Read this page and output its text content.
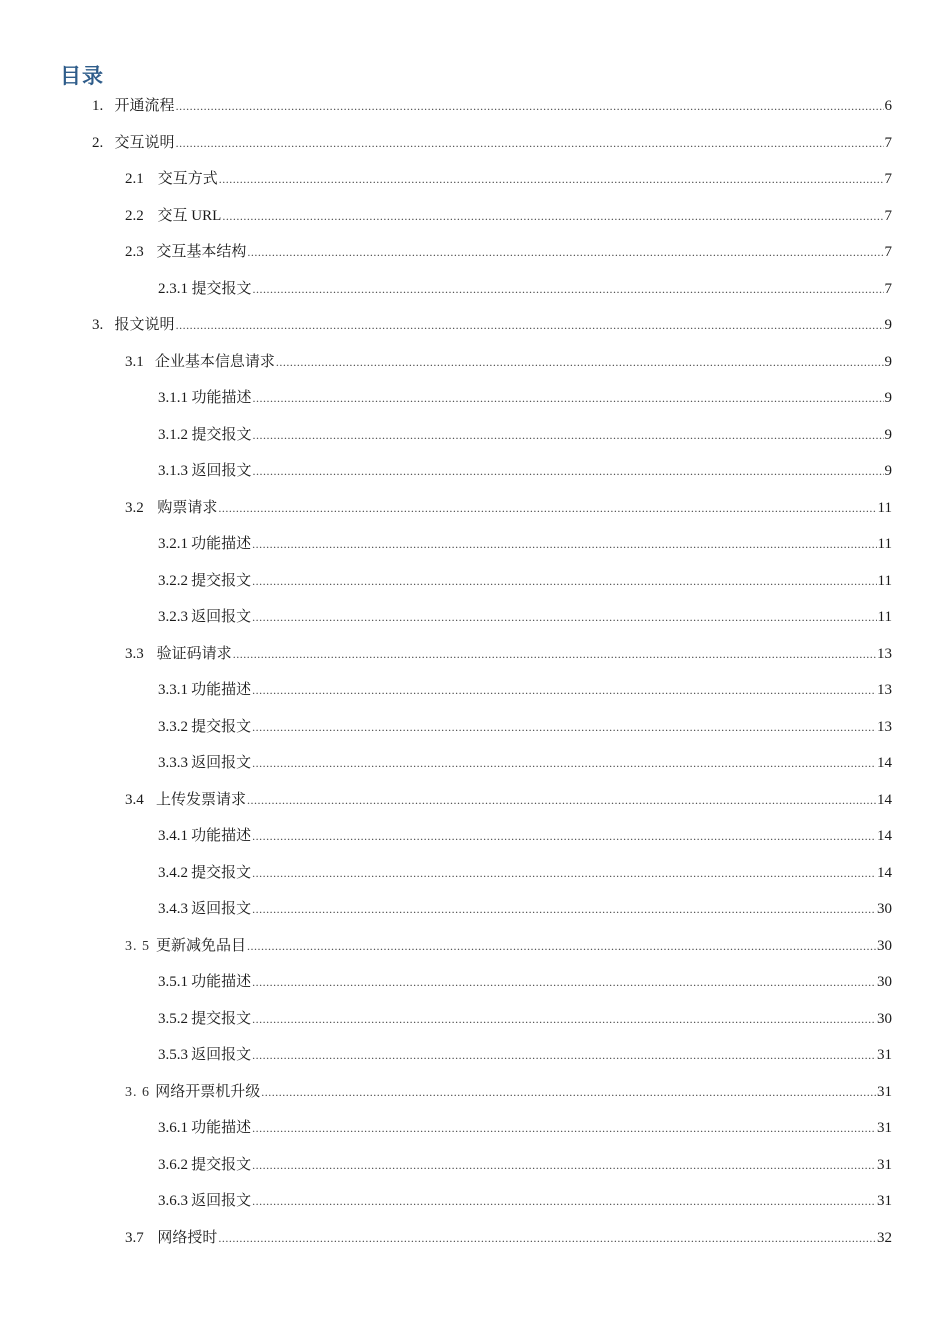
目录
1. 开通流程 .....	6
2. 交互说明 .....	7
2.1 交互方式 .....	7
2.2 交互 URL .....	7
2.3 交互基本结构 .....	7
2.3.1 提交报文 .....	7
3. 报文说明 .....	9
3.1 企业基本信息请求 .....	9
3.1.1 功能描述 .....	9
3.1.2 提交报文 .....	9
3.1.3 返回报文 .....	9
3.2 购票请求 .....	11
3.2.1 功能描述 .....	11
3.2.2 提交报文 .....	11
3.2.3 返回报文 .....	11
3.3 验证码请求 .....	13
3.3.1 功能描述 .....	13
3.3.2 提交报文 .....	13
3.3.3 返回报文 .....	14
3.4 上传发票请求 .....	14
3.4.1 功能描述 .....	14
3.4.2 提交报文 .....	14
3.4.3 返回报文 .....	30
3. 5 更新减免品目 .....	30
3.5.1 功能描述 .....	30
3.5.2 提交报文 .....	30
3.5.3 返回报文 .....	31
3. 6 网络开票机升级 .....	31
3.6.1 功能描述 .....	31
3.6.2 提交报文 .....	31
3.6.3 返回报文 .....	31
3.7 网络授时 .....	32
